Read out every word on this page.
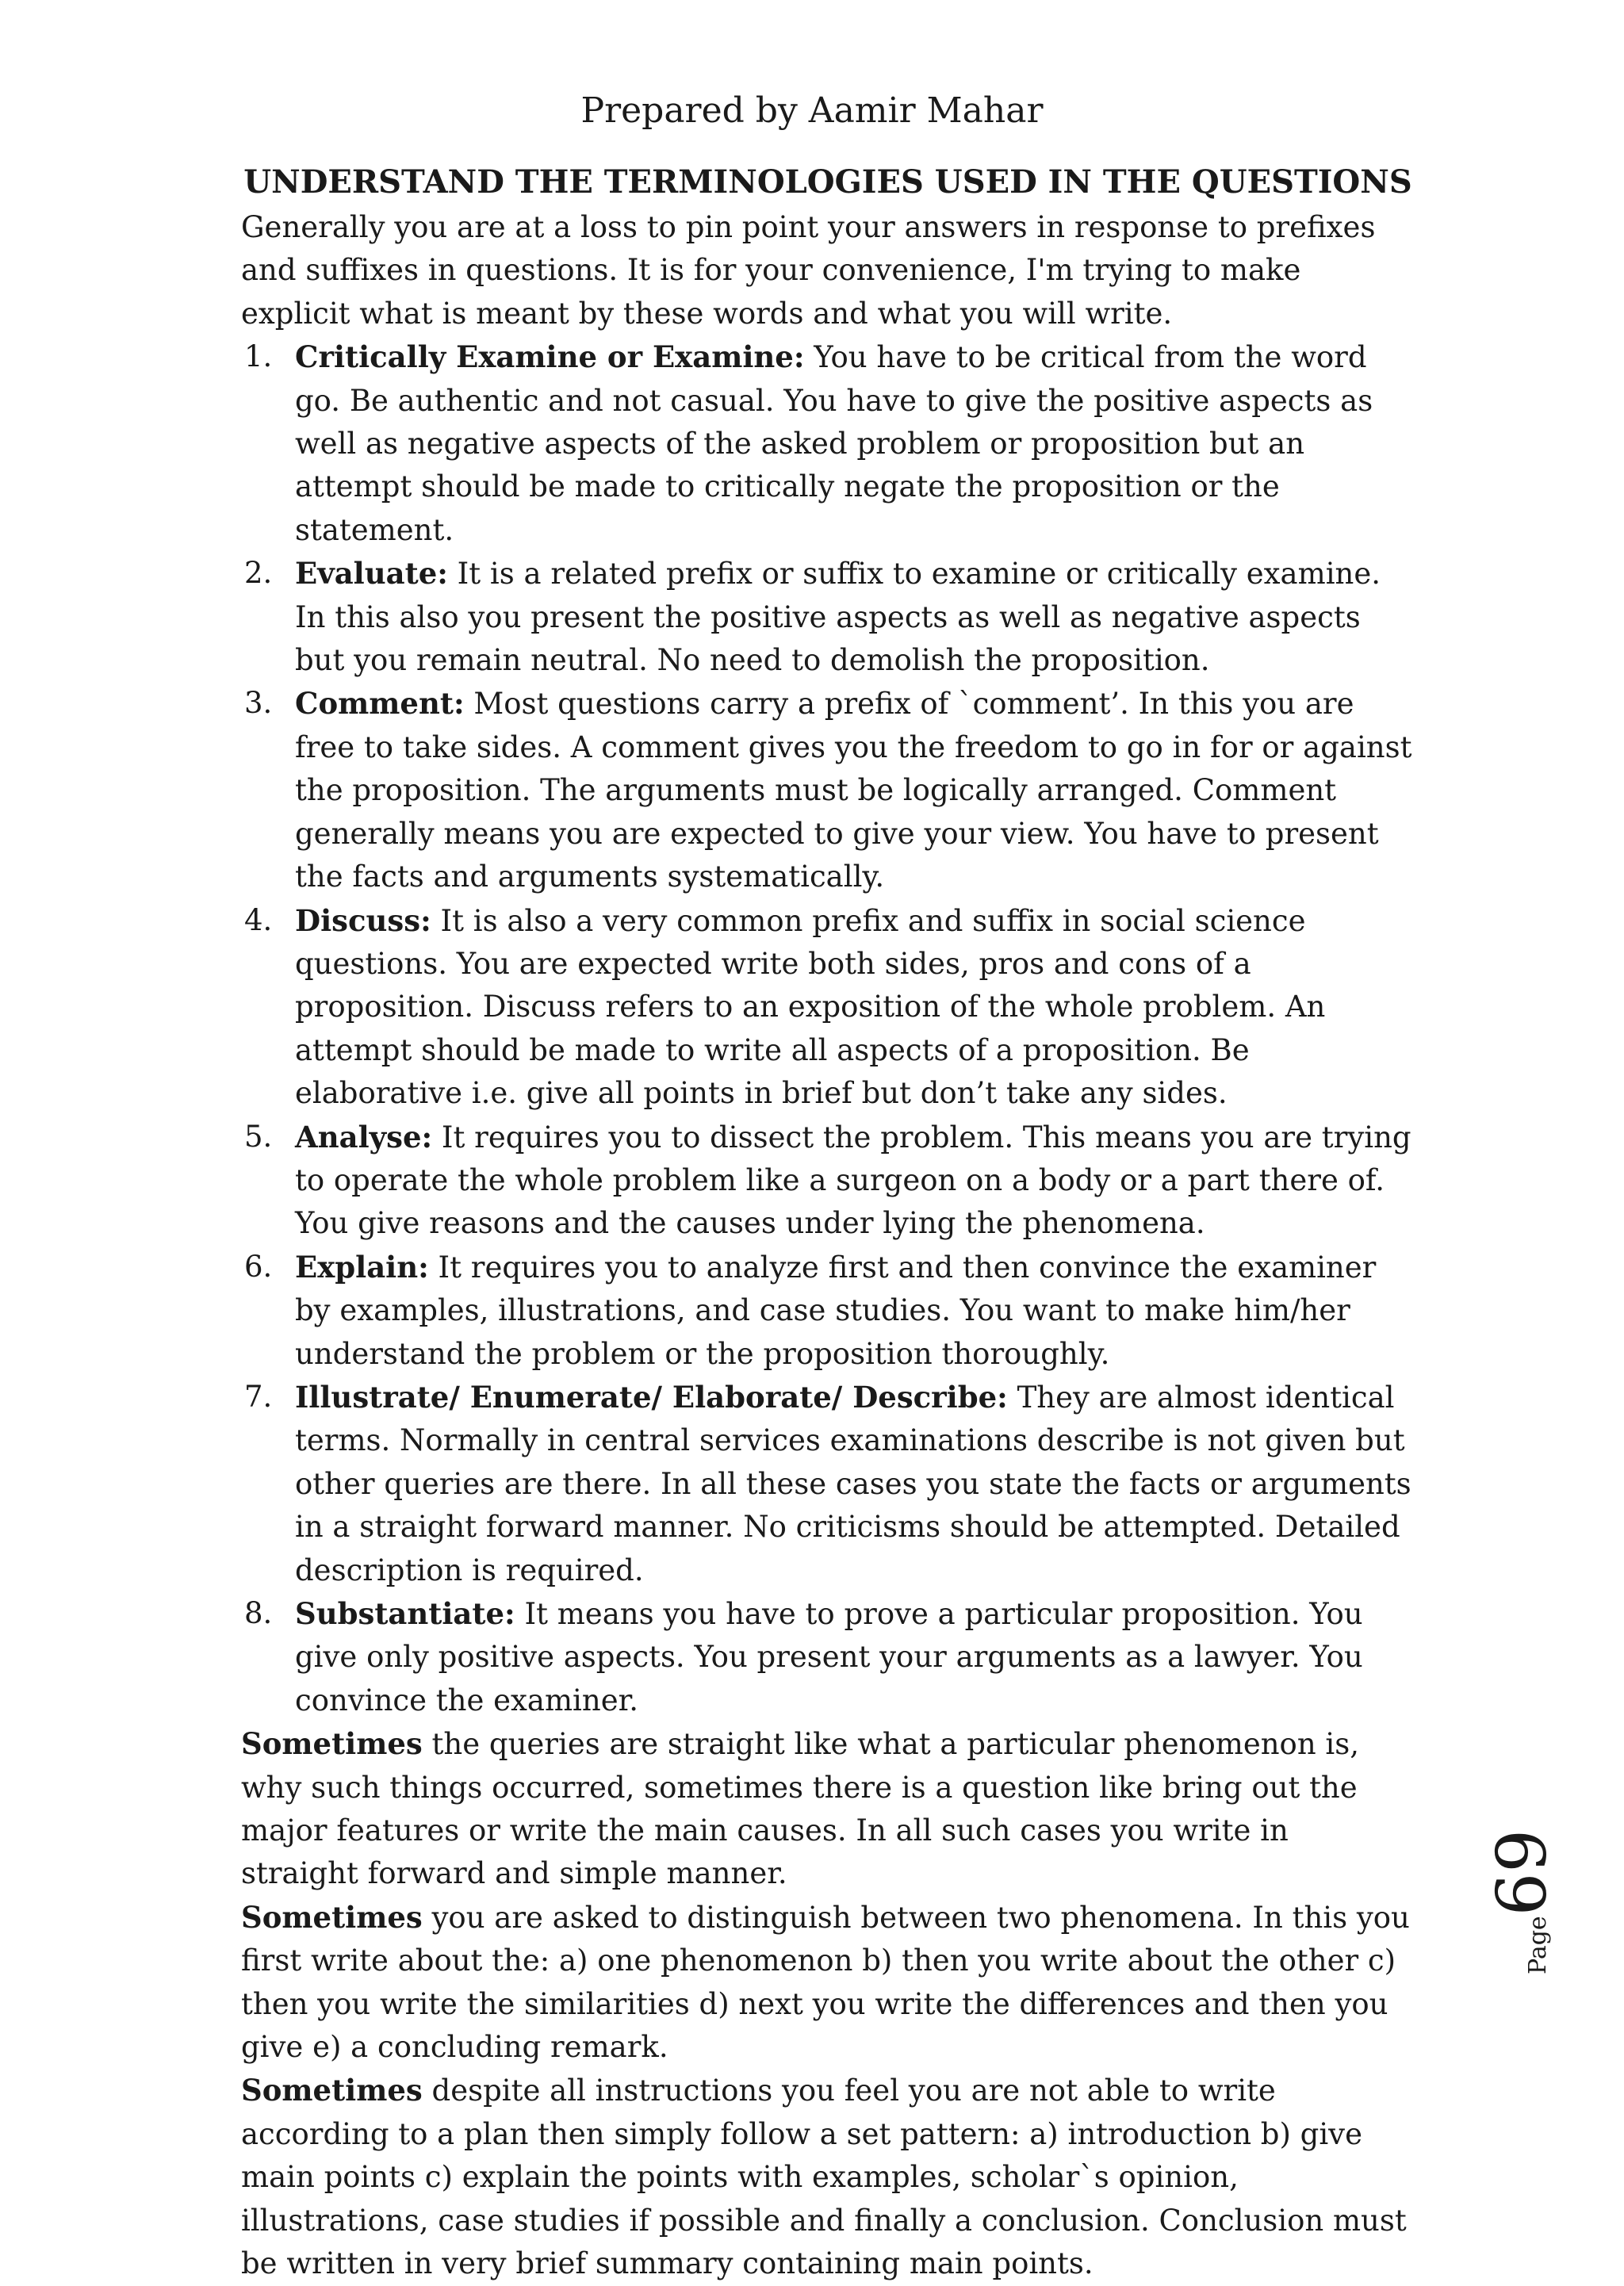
Prepared by Aamir Mahar

UNDERSTAND THE TERMINOLOGIES USED IN THE QUESTIONS

Generally you are at a loss to pin point your answers in response to prefixes and suffixes in questions. It is for your convenience, I'm trying to make explicit what is meant by these words and what you will write.

1. Critically Examine or Examine: You have to be critical from the word go. Be authentic and not casual. You have to give the positive aspects as well as negative aspects of the asked problem or proposition but an attempt should be made to critically negate the proposition or the statement.
2. Evaluate: It is a related prefix or suffix to examine or critically examine. In this also you present the positive aspects as well as negative aspects but you remain neutral. No need to demolish the proposition.
3. Comment: Most questions carry a prefix of `comment’. In this you are free to take sides. A comment gives you the freedom to go in for or against the proposition. The arguments must be logically arranged. Comment generally means you are expected to give your view. You have to present the facts and arguments systematically.
4. Discuss: It is also a very common prefix and suffix in social science questions. You are expected write both sides, pros and cons of a proposition. Discuss refers to an exposition of the whole problem. An attempt should be made to write all aspects of a proposition. Be elaborative i.e. give all points in brief but don’t take any sides.
5. Analyse: It requires you to dissect the problem. This means you are trying to operate the whole problem like a surgeon on a body or a part there of. You give reasons and the causes under lying the phenomena.
6. Explain: It requires you to analyze first and then convince the examiner by examples, illustrations, and case studies. You want to make him/her understand the problem or the proposition thoroughly.
7. Illustrate/ Enumerate/ Elaborate/ Describe: They are almost identical terms. Normally in central services examinations describe is not given but other queries are there. In all these cases you state the facts or arguments in a straight forward manner. No criticisms should be attempted. Detailed description is required.
8. Substantiate: It means you have to prove a particular proposition. You give only positive aspects. You present your arguments as a lawyer. You convince the examiner.

Sometimes the queries are straight like what a particular phenomenon is, why such things occurred, sometimes there is a question like bring out the major features or write the main causes. In all such cases you write in straight forward and simple manner.

Sometimes you are asked to distinguish between two phenomena. In this you first write about the: a) one phenomenon b) then you write about the other c) then you write the similarities d) next you write the differences and then you give e) a concluding remark.

Sometimes despite all instructions you feel you are not able to write according to a plan then simply follow a set pattern: a) introduction b) give main points c) explain the points with examples, scholar`s opinion, illustrations, case studies if possible and finally a conclusion. Conclusion must be written in very brief summary containing main points.

Page69
